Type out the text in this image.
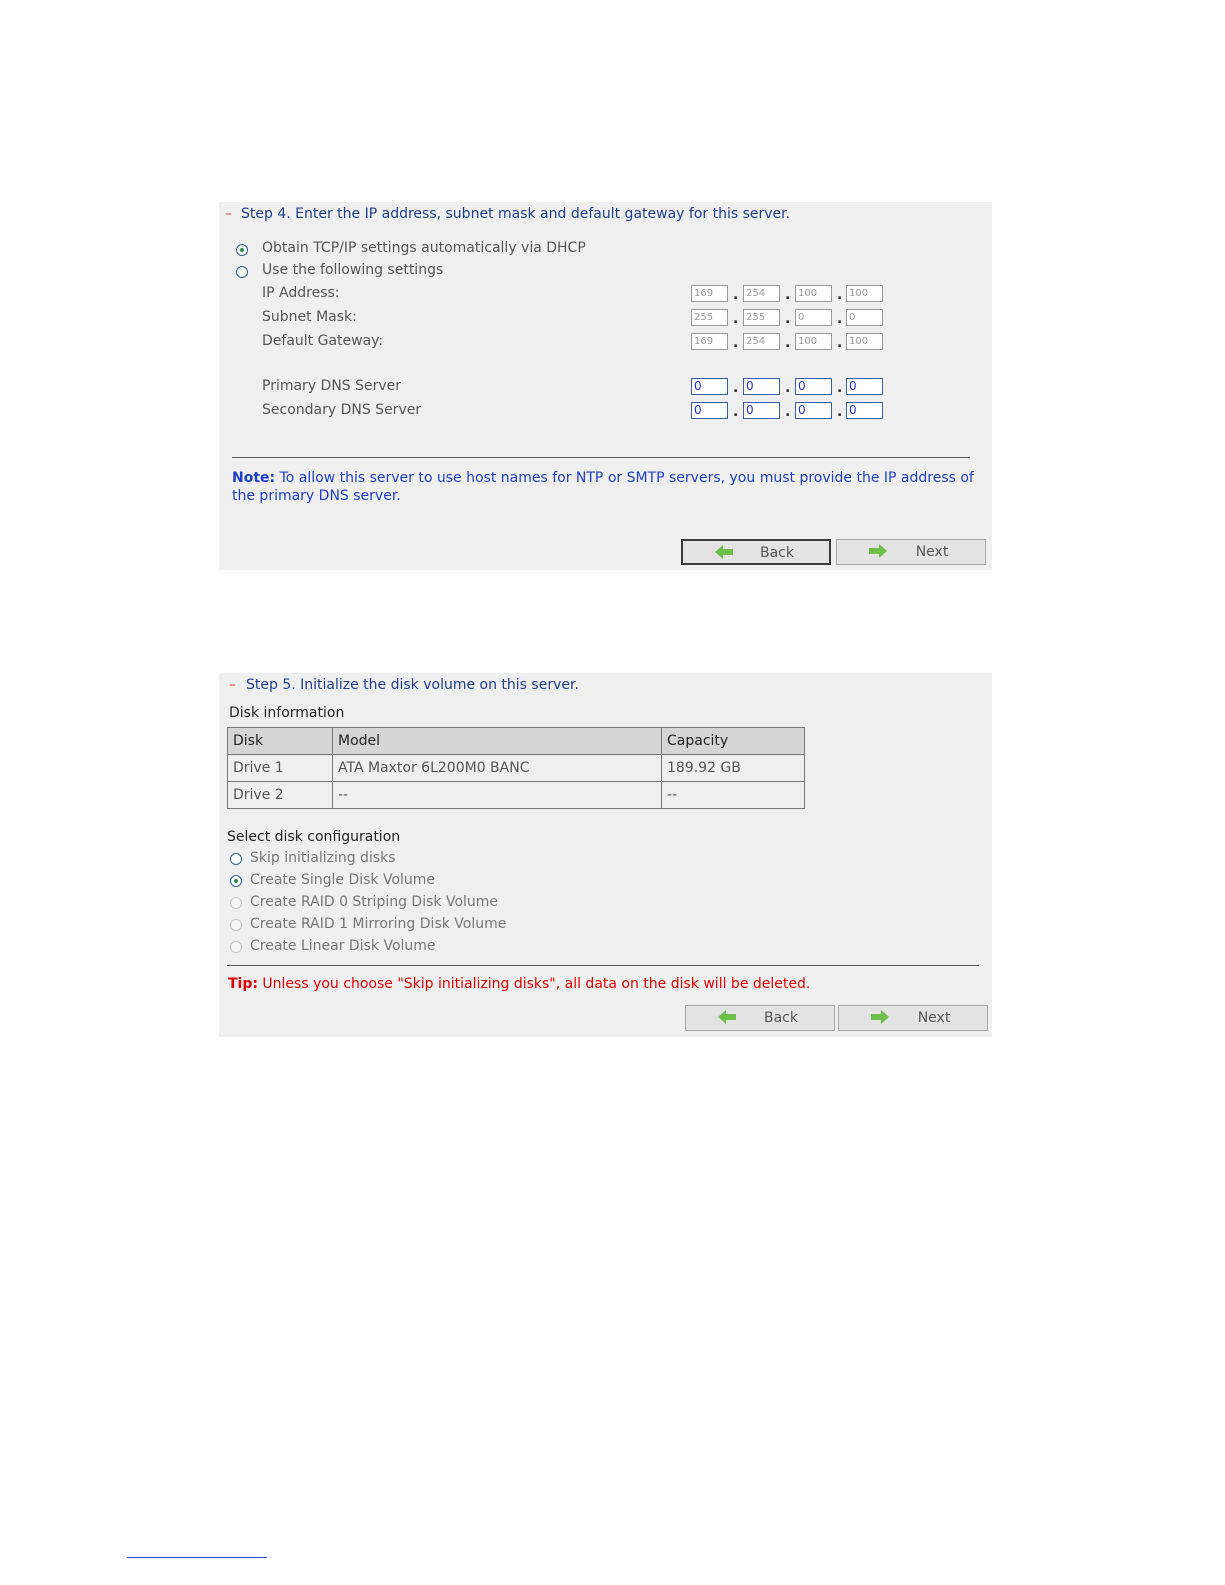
– Step 4. Enter the IP address, subnet mask and default gateway for this server.
Obtain TCP/IP settings automatically via DHCP
Use the following settings
IP Address:	169	. 254	. 100	. 100
Subnet Mask:	255	. 255	. 0	. 0
Default Gateway:	169	. 254	. 100	. 100
Primary DNS Server	0	. 0	. 0	. 0
Secondary DNS Server	0	. 0	. 0	. 0
Note: To allow this server to use host names for NTP or SMTP servers, you must provide the IP address of the primary DNS server.
Back	Next
– Step 5. Initialize the disk volume on this server.
Disk information
Disk	Model	Capacity
Drive 1	ATA Maxtor 6L200M0 BANC	189.92 GB
Drive 2	--	--
Select disk configuration
Skip initializing disks
Create Single Disk Volume
Create RAID 0 Striping Disk Volume
Create RAID 1 Mirroring Disk Volume
Create Linear Disk Volume
Tip: Unless you choose "Skip initializing disks", all data on the disk will be deleted.
Back	Next
